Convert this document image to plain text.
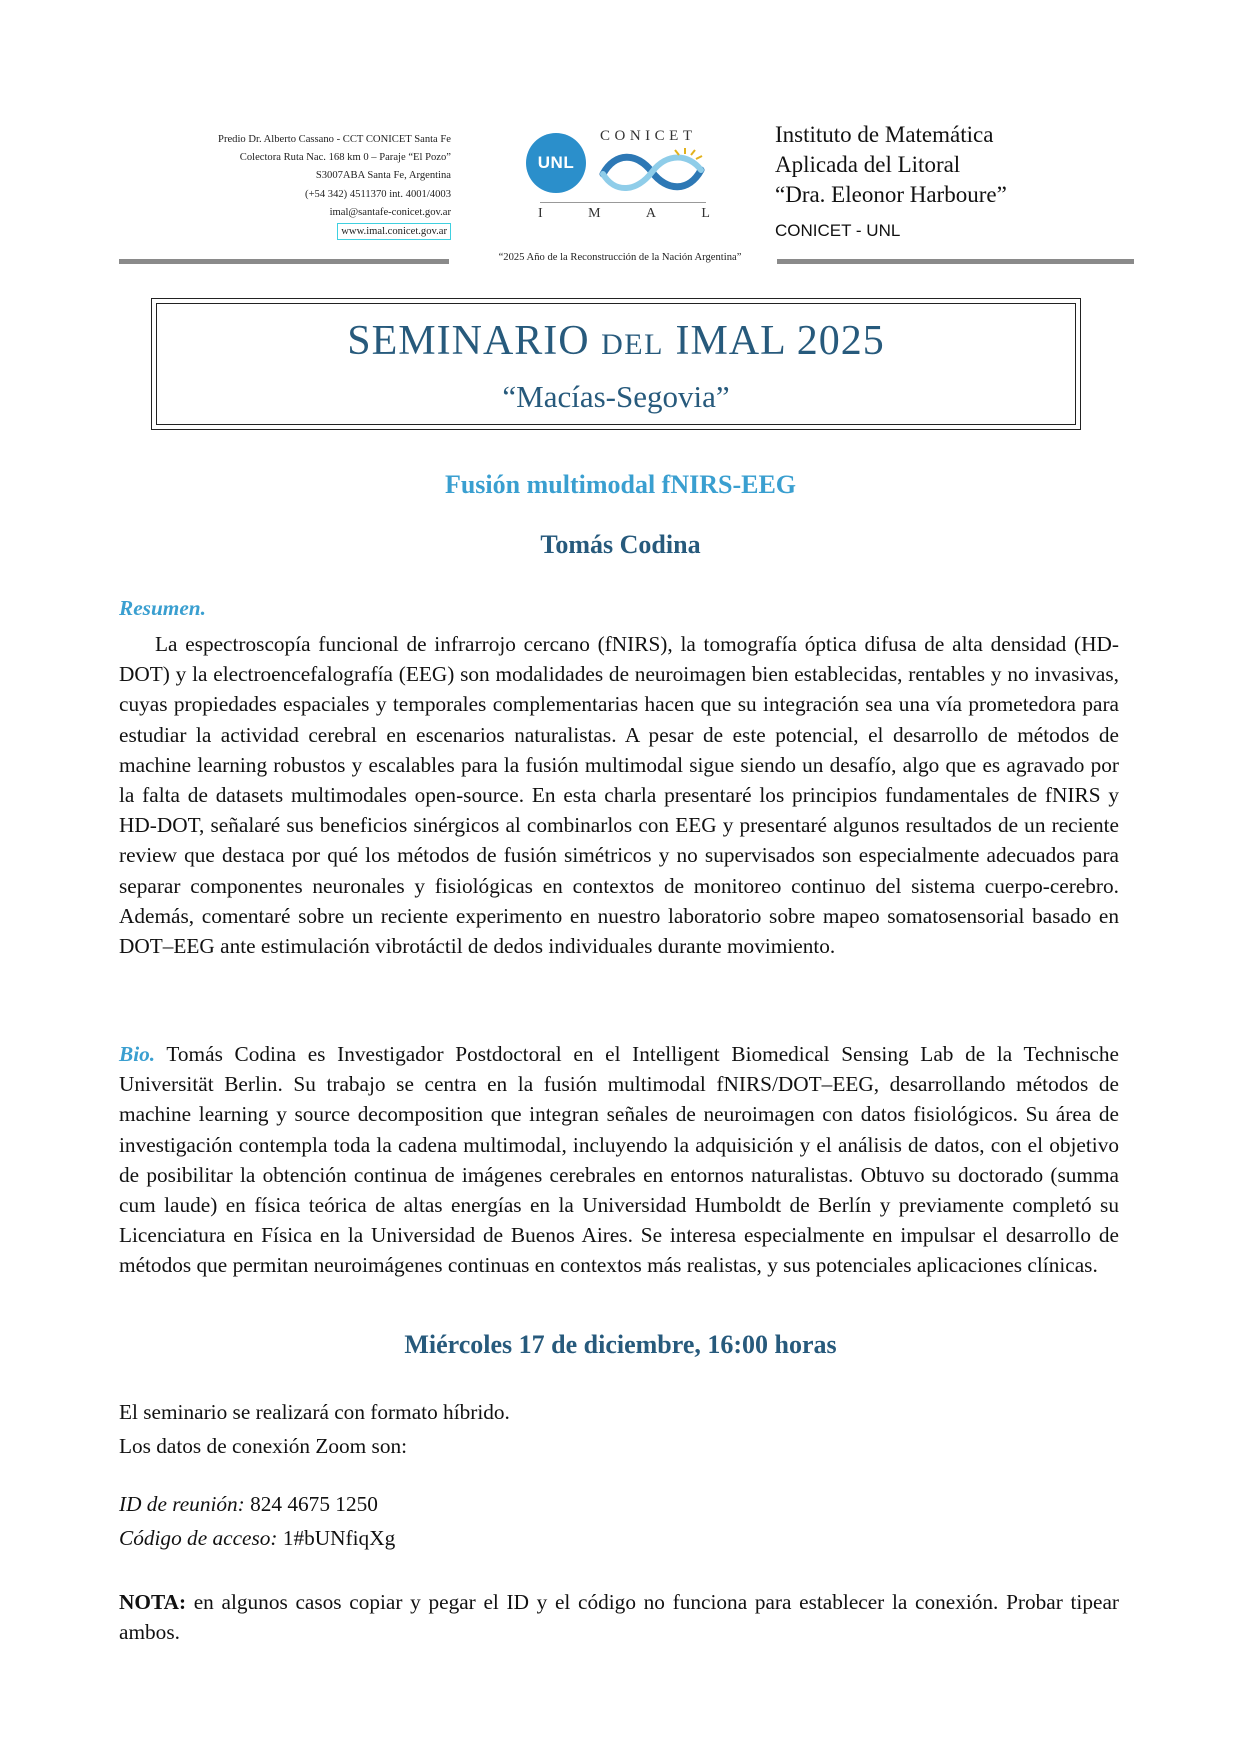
Predio Dr. Alberto Cassano - CCT CONICET Santa Fe
Colectora Ruta Nac. 168 km 0 – Paraje “El Pozo”
S3007ABA Santa Fe, Argentina
(+54 342) 4511370 int. 4001/4003
imal@santafe-conicet.gov.ar
www.imal.conicet.gov.ar
UNL
CONICET
I	M	A	L
Instituto de Matemática
Aplicada del Litoral
“Dra. Eleonor Harboure”
CONICET - UNL
“2025 Año de la Reconstrucción de la Nación Argentina”
SEMINARIO DEL IMAL 2025
“Macías-Segovia”
Fusión multimodal fNIRS-EEG
Tomás Codina
Resumen.
La espectroscopía funcional de infrarrojo cercano (fNIRS), la tomografía óptica difusa de alta densidad (HD-DOT) y la electroencefalografía (EEG) son modalidades de neuroimagen bien establecidas, rentables y no invasivas, cuyas propiedades espaciales y temporales complementarias hacen que su integración sea una vía prometedora para estudiar la actividad cerebral en escenarios naturalistas. A pesar de este potencial, el desarrollo de métodos de machine learning robustos y escalables para la fusión multimodal sigue siendo un desafío, algo que es agravado por la falta de datasets multimodales open-source. En esta charla presentaré los principios fundamentales de fNIRS y HD-DOT, señalaré sus beneficios sinérgicos al combinarlos con EEG y presentaré algunos resultados de un reciente review que destaca por qué los métodos de fusión simétricos y no supervisados son especialmente adecuados para separar componentes neuronales y fisiológicas en contextos de monitoreo continuo del sistema cuerpo-cerebro. Además, comentaré sobre un reciente experimento en nuestro laboratorio sobre mapeo somatosensorial basado en DOT–EEG ante estimulación vibrotáctil de dedos individuales durante movimiento.
Bio. Tomás Codina es Investigador Postdoctoral en el Intelligent Biomedical Sensing Lab de la Technische Universität Berlin. Su trabajo se centra en la fusión multimodal fNIRS/DOT–EEG, desarrollando métodos de machine learning y source decomposition que integran señales de neuroimagen con datos fisiológicos. Su área de investigación contempla toda la cadena multimodal, incluyendo la adquisición y el análisis de datos, con el objetivo de posibilitar la obtención continua de imágenes cerebrales en entornos naturalistas. Obtuvo su doctorado (summa cum laude) en física teórica de altas energías en la Universidad Humboldt de Berlín y previamente completó su Licenciatura en Física en la Universidad de Buenos Aires. Se interesa especialmente en impulsar el desarrollo de métodos que permitan neuroimágenes continuas en contextos más realistas, y sus potenciales aplicaciones clínicas.
Miércoles 17 de diciembre, 16:00 horas
El seminario se realizará con formato híbrido.
Los datos de conexión Zoom son:
ID de reunión: 824 4675 1250
Código de acceso: 1#bUNfiqXg
NOTA: en algunos casos copiar y pegar el ID y el código no funciona para establecer la conexión. Probar tipear ambos.
